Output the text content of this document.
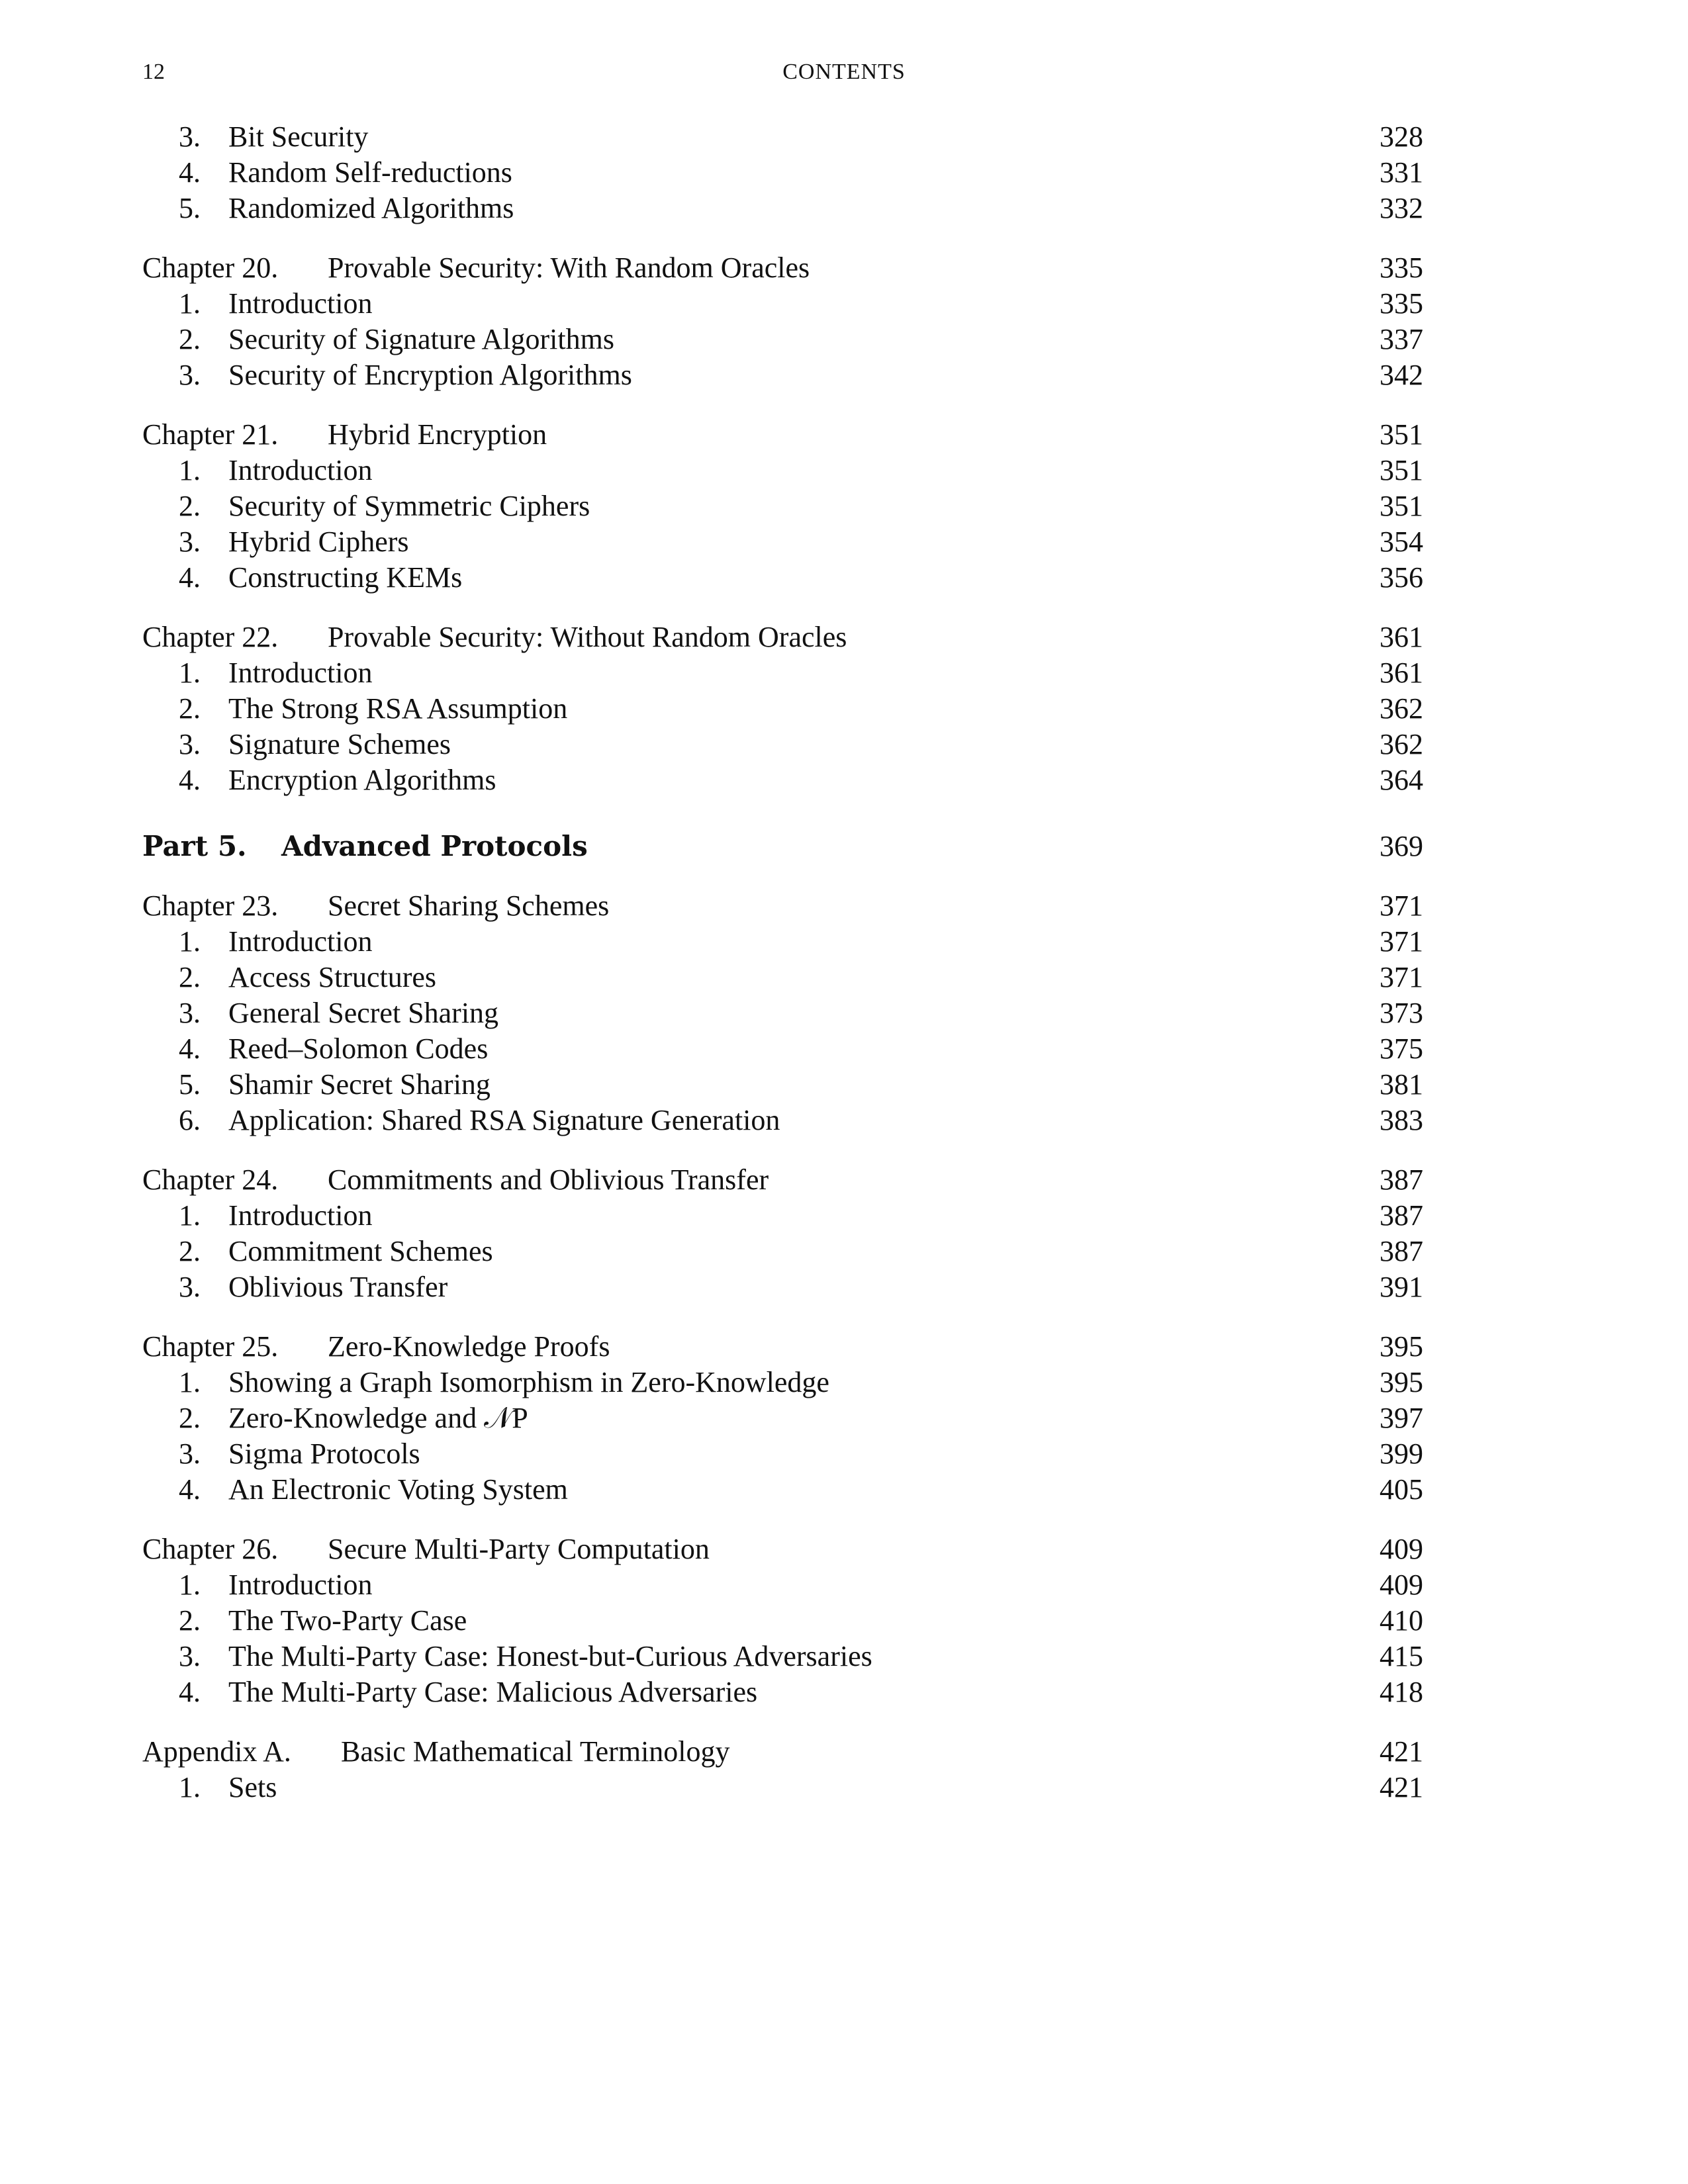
12	CONTENTS
3. Bit Security	328
4. Random Self-reductions	331
5. Randomized Algorithms	332
Chapter 20. Provable Security: With Random Oracles	335
1. Introduction	335
2. Security of Signature Algorithms	337
3. Security of Encryption Algorithms	342
Chapter 21. Hybrid Encryption	351
1. Introduction	351
2. Security of Symmetric Ciphers	351
3. Hybrid Ciphers	354
4. Constructing KEMs	356
Chapter 22. Provable Security: Without Random Oracles	361
1. Introduction	361
2. The Strong RSA Assumption	362
3. Signature Schemes	362
4. Encryption Algorithms	364
Part 5. Advanced Protocols	369
Chapter 23. Secret Sharing Schemes	371
1. Introduction	371
2. Access Structures	371
3. General Secret Sharing	373
4. Reed–Solomon Codes	375
5. Shamir Secret Sharing	381
6. Application: Shared RSA Signature Generation	383
Chapter 24. Commitments and Oblivious Transfer	387
1. Introduction	387
2. Commitment Schemes	387
3. Oblivious Transfer	391
Chapter 25. Zero-Knowledge Proofs	395
1. Showing a Graph Isomorphism in Zero-Knowledge	395
2. Zero-Knowledge and 𝒩P	397
3. Sigma Protocols	399
4. An Electronic Voting System	405
Chapter 26. Secure Multi-Party Computation	409
1. Introduction	409
2. The Two-Party Case	410
3. The Multi-Party Case: Honest-but-Curious Adversaries	415
4. The Multi-Party Case: Malicious Adversaries	418
Appendix A. Basic Mathematical Terminology	421
1. Sets	421
